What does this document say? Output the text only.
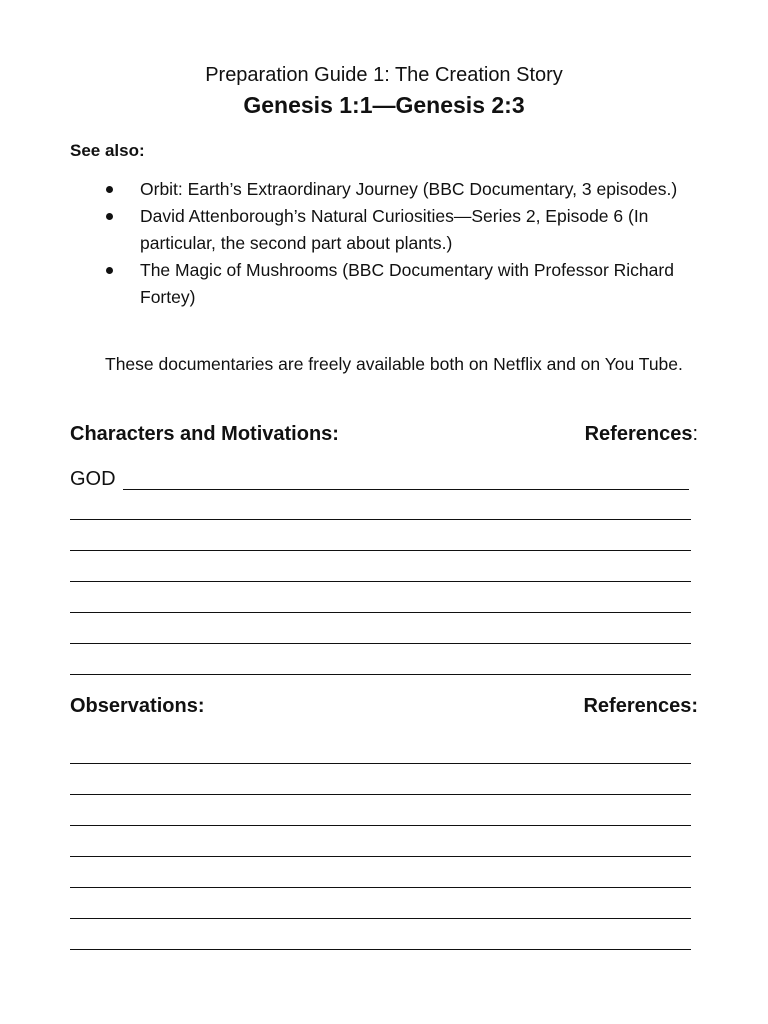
Preparation Guide 1: The Creation Story
Genesis 1:1—Genesis 2:3
See also:
Orbit: Earth’s Extraordinary Journey (BBC Documentary, 3 episodes.)
David Attenborough’s Natural Curiosities—Series 2, Episode 6 (In particular, the second part about plants.)
The Magic of Mushrooms (BBC Documentary with Professor Richard Fortey)
These documentaries are freely available both on Netflix and on You Tube.
Characters and Motivations:	References:
GOD
Observations:	References:
